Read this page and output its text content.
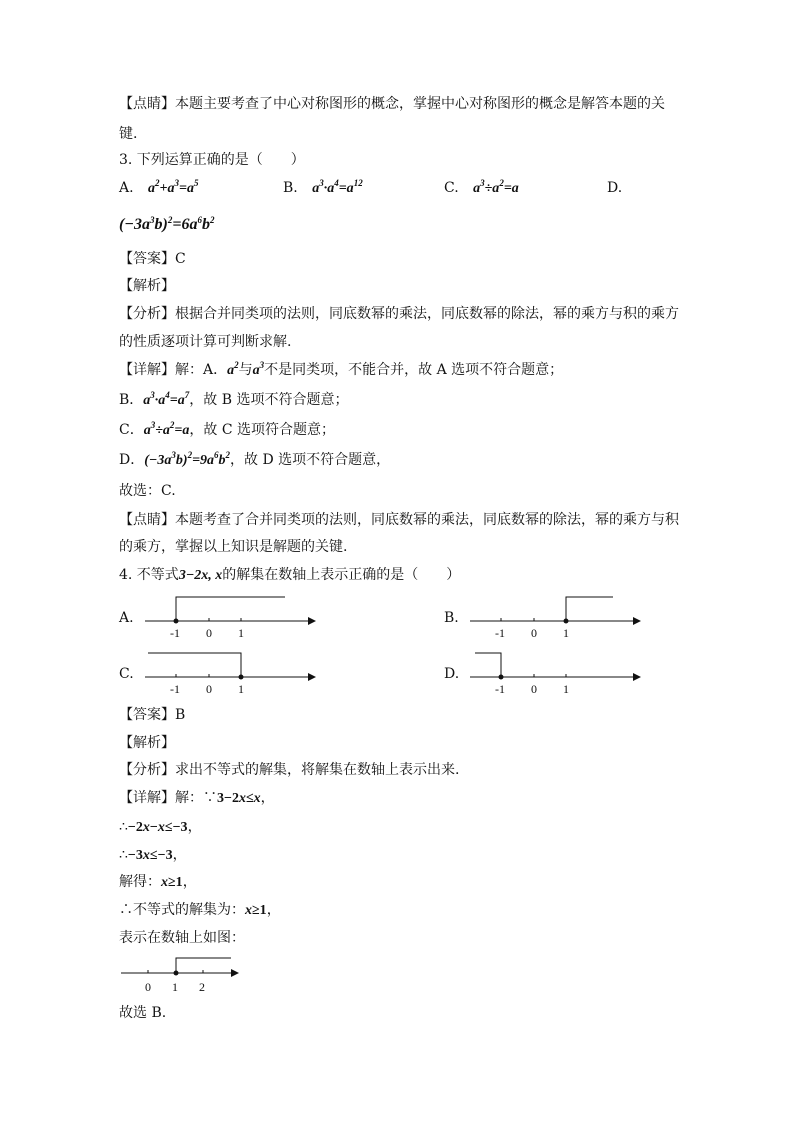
【点睛】本题主要考查了中心对称图形的概念，掌握中心对称图形的概念是解答本题的关
键.
3. 下列运算正确的是（　　）
A. $a^2+a^3=a^5$	B. $a^3\cdot a^4=a^{12}$	C. $a^3\div a^2=a$	D.
$(-3a^3b)^2=6a^6b^2$
【答案】C
【解析】
【分析】根据合并同类项的法则，同底数幂的乘法，同底数幂的除法，幂的乘方与积的乘方
的性质逐项计算可判断求解.
【详解】解：A．$a^2$与$a^3$不是同类项，不能合并，故 A 选项不符合题意；
B．$a^3\cdot a^4=a^7$，故 B 选项不符合题意；
C．$a^3\div a^2=a$，故 C 选项符合题意；
D．$(-3a^3b)^2=9a^6b^2$，故 D 选项不符合题意，
故选：C.
【点睛】本题考查了合并同类项的法则，同底数幂的乘法，同底数幂的除法，幂的乘方与积
的乘方，掌握以上知识是解题的关键.
4. 不等式3−2x, x的解集在数轴上表示正确的是（　　）
A.	B.
C.	D.
-1 0 1	-1 0 1
-1 0 1	-1 0 1
【答案】B
【解析】
【分析】求出不等式的解集，将解集在数轴上表示出来.
【详解】解：∵3−2x≤x，
∴−2x−x≤−3，
∴−3x≤−3，
解得：x≥1，
∴不等式的解集为：x≥1，
表示在数轴上如图：
0 1 2
故选 B.
